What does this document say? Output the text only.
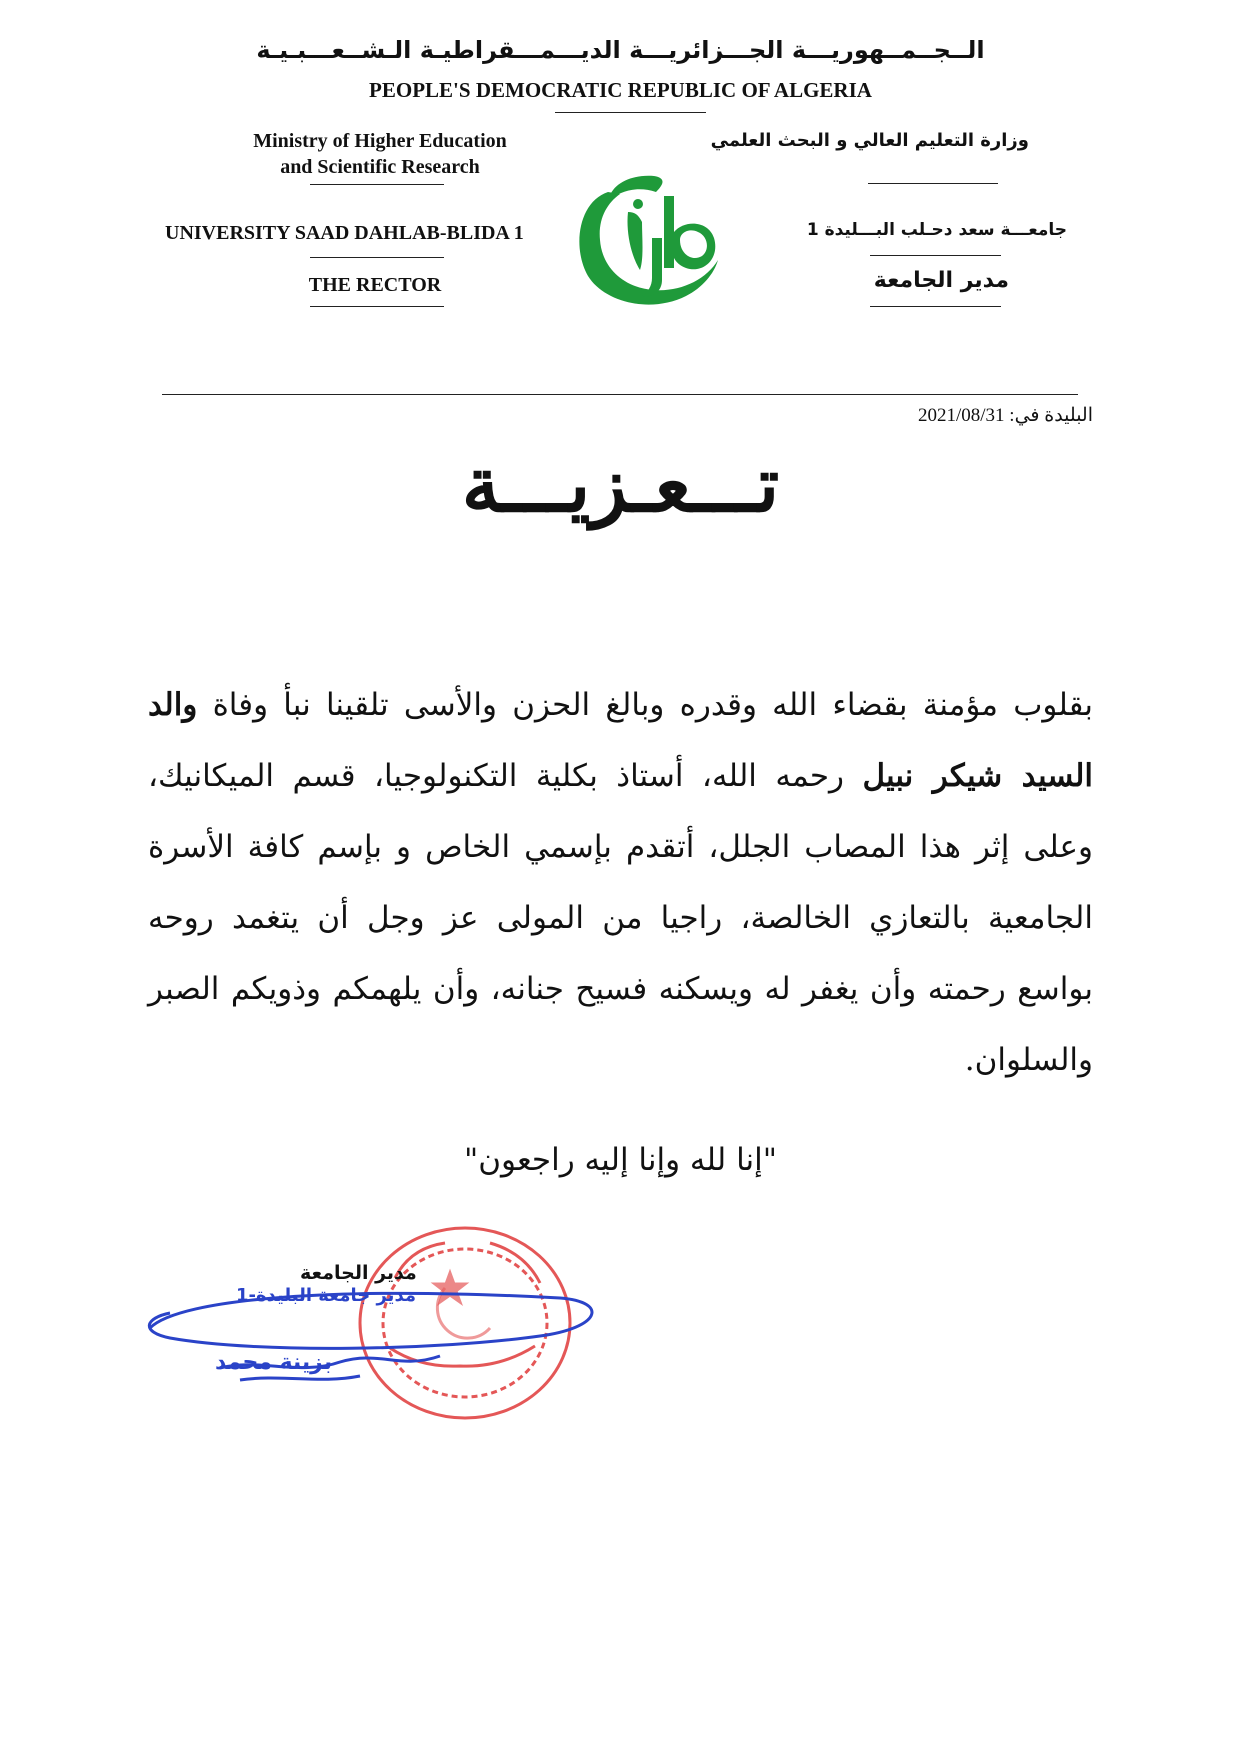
الــجــمــهوريـــة الجـــزائريـــة الديـــمـــقراطيـة الـشــعـــبـيـة
PEOPLE'S DEMOCRATIC REPUBLIC OF ALGERIA
Ministry of Higher Education
and Scientific Research
وزارة التعليم العالي و البحث العلمي
UNIVERSITY SAAD DAHLAB-BLIDA 1	جامعـــة سعد دحـلب البـــليدة 1
THE RECTOR	مدير الجامعة
البليدة في: 2021/08/31
تـــعـزيـــة
بقلوب مؤمنة بقضاء الله وقدره وبالغ الحزن والأسى تلقينا نبأ وفاة والد السيد شيكر نبيل رحمه الله، أستاذ بكلية التكنولوجيا، قسم الميكانيك، وعلى إثر هذا المصاب الجلل، أتقدم بإسمي الخاص و بإسم كافة الأسرة الجامعية بالتعازي الخالصة، راجيا من المولى عز وجل أن يتغمد روحه بواسع رحمته وأن يغفر له ويسكنه فسيح جنانه، وأن يلهمكم وذويكم الصبر والسلوان.
"إنا لله وإنا إليه راجعون"
مدير جامعة البليدة-1
بزينة محمد
مدير الجامعة
